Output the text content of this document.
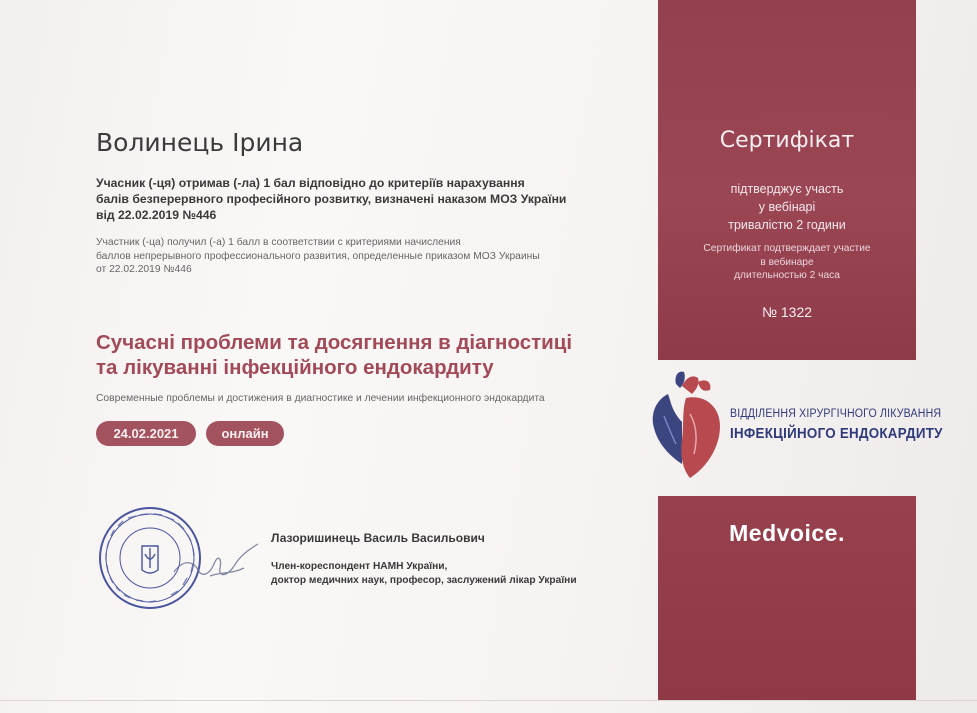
Волинець Ірина
Учасник (-ця) отримав (-ла) 1 бал відповідно до критеріїв нарахування
балів безперервного професійного розвитку, визначені наказом МОЗ України
від 22.02.2019 №446
Участник (-ца) получил (-а) 1 балл в соответствии с критериями начисления
баллов непрерывного профессионального развития, определенные приказом МОЗ Украины
от 22.02.2019 №446
Сучасні проблеми та досягнення в діагностиці
та лікуванні інфекційного ендокардиту
Современные проблемы и достижения в диагностике и лечении инфекционного эндокардита
24.02.2021	онлайн
Лазоришинець Василь Васильович
Член-кореспондент НАМН України,
доктор медичних наук, професор, заслужений лікар України
Сертифікат
підтверджує участь
у вебінарі
тривалістю 2 години
Сертификат подтверждает участие
в вебинаре
длительностью 2 часа
№ 1322
ВІДДІЛЕННЯ ХІРУРГІЧНОГО ЛІКУВАННЯ
ІНФЕКЦІЙНОГО ЕНДОКАРДИТУ
Medvoice.
